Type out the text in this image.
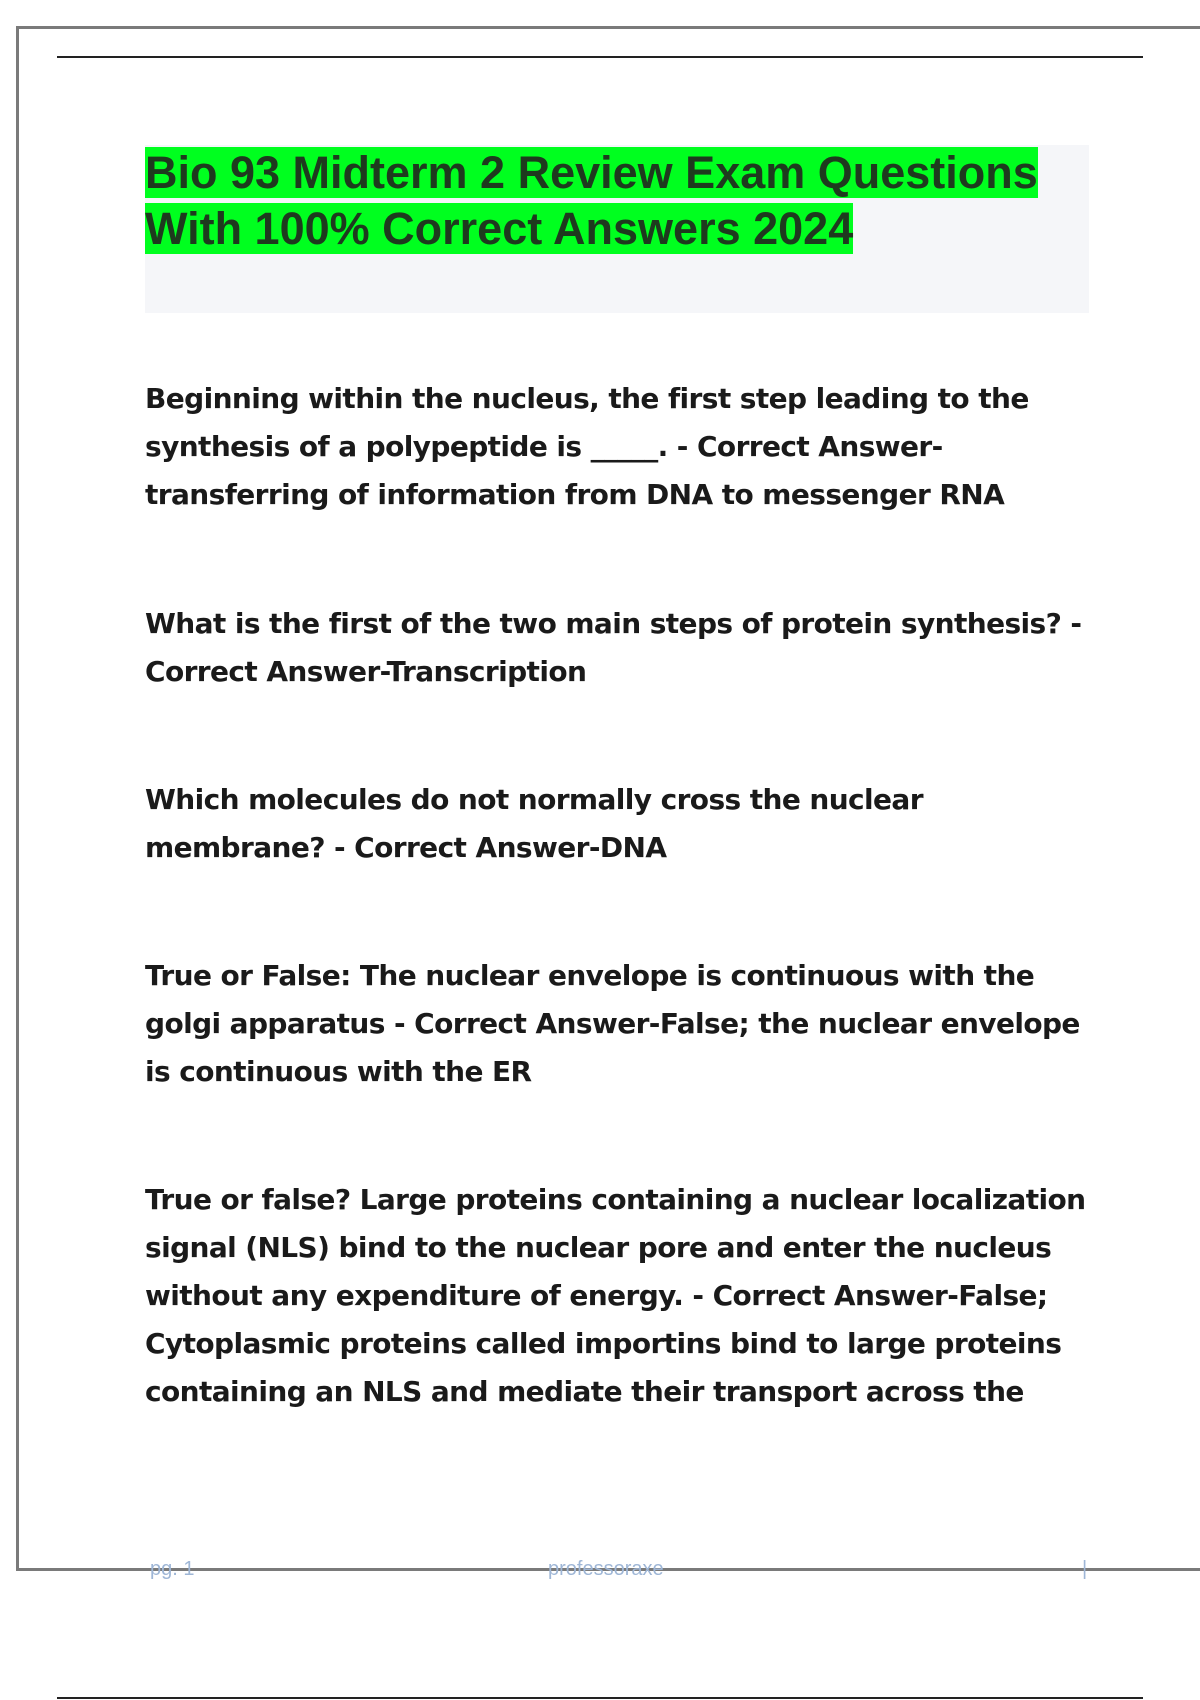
Bio 93 Midterm 2 Review Exam Questions With 100% Correct Answers 2024

Beginning within the nucleus, the first step leading to the synthesis of a polypeptide is _____. - Correct Answer-transferring of information from DNA to messenger RNA

What is the first of the two main steps of protein synthesis? - Correct Answer-Transcription

Which molecules do not normally cross the nuclear membrane? - Correct Answer-DNA

True or False: The nuclear envelope is continuous with the golgi apparatus - Correct Answer-False; the nuclear envelope is continuous with the ER

True or false? Large proteins containing a nuclear localization signal (NLS) bind to the nuclear pore and enter the nucleus without any expenditure of energy. - Correct Answer-False; Cytoplasmic proteins called importins bind to large proteins containing an NLS and mediate their transport across the

pg. 1	professoraxe	|
